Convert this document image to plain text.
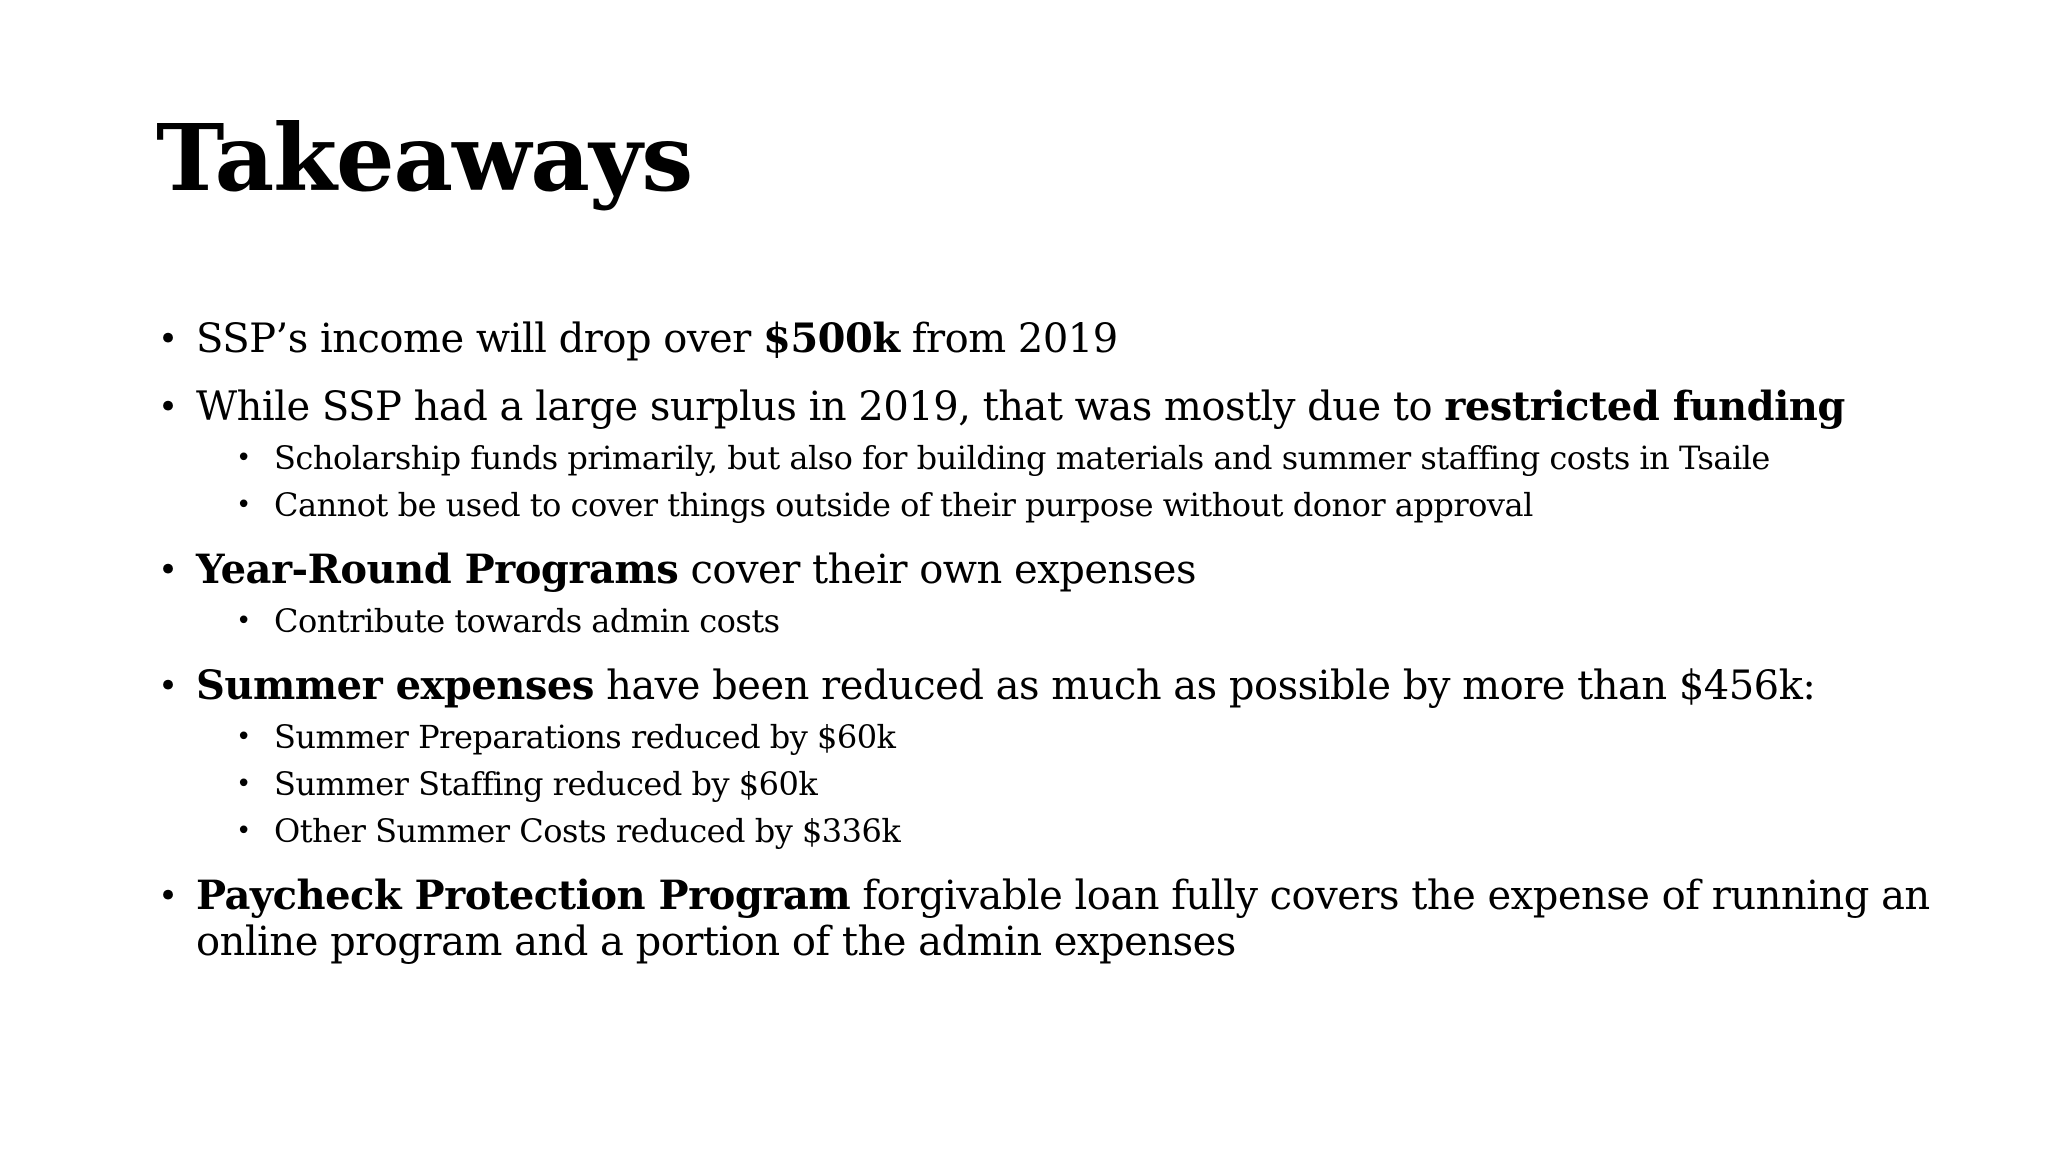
Takeaways
• SSP’s income will drop over $500k from 2019
• While SSP had a large surplus in 2019, that was mostly due to restricted funding
• Scholarship funds primarily, but also for building materials and summer staffing costs in Tsaile
• Cannot be used to cover things outside of their purpose without donor approval
• Year-Round Programs cover their own expenses
• Contribute towards admin costs
• Summer expenses have been reduced as much as possible by more than $456k:
• Summer Preparations reduced by $60k
• Summer Staffing reduced by $60k
• Other Summer Costs reduced by $336k
• Paycheck Protection Program forgivable loan fully covers the expense of running an online program and a portion of the admin expenses
